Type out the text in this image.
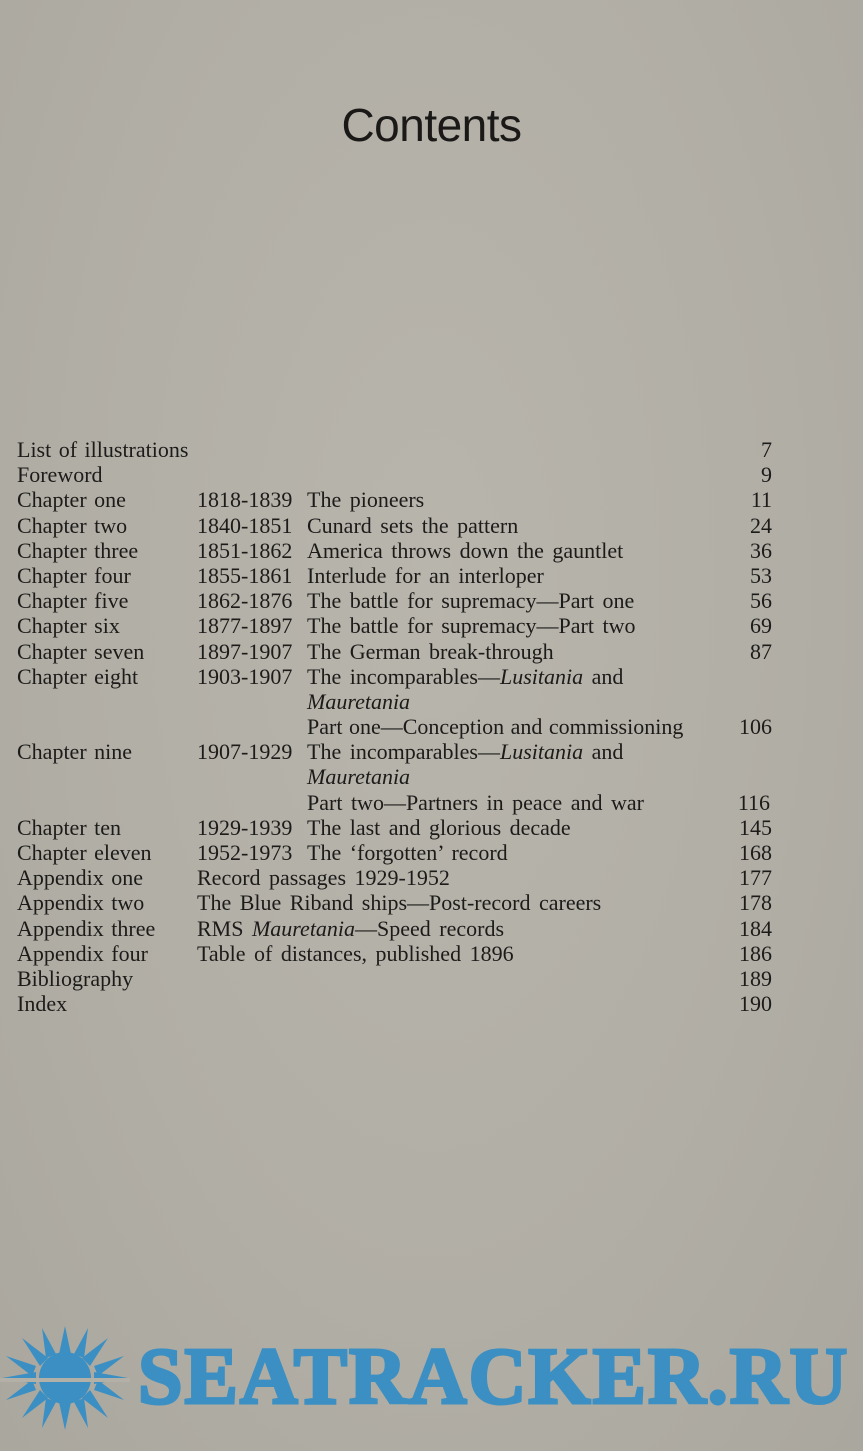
Contents
List of illustrations	7
Foreword	9
Chapter one	1818-1839 The pioneers	11
Chapter two	1840-1851 Cunard sets the pattern	24
Chapter three	1851-1862 America throws down the gauntlet	36
Chapter four	1855-1861 Interlude for an interloper	53
Chapter five	1862-1876 The battle for supremacy—Part one	56
Chapter six	1877-1897 The battle for supremacy—Part two	69
Chapter seven 1897-1907 The German break-through	87
Chapter eight	1903-1907 The incomparables—Lusitania and
Mauretania
Part one—Conception and commissioning	106
Chapter nine	1907-1929 The incomparables—Lusitania and
Mauretania
Part two—Partners in peace and war	116
Chapter ten	1929-1939 The last and glorious decade	145
Chapter eleven 1952-1973 The ‘forgotten’ record	168
Appendix one Record passages 1929-1952	177
Appendix two The Blue Riband ships—Post-record careers	178
Appendix three RMS Mauretania—Speed records	184
Appendix four Table of distances, published 1896	186
Bibliography	189
Index	190
SEATRACKER.RU
